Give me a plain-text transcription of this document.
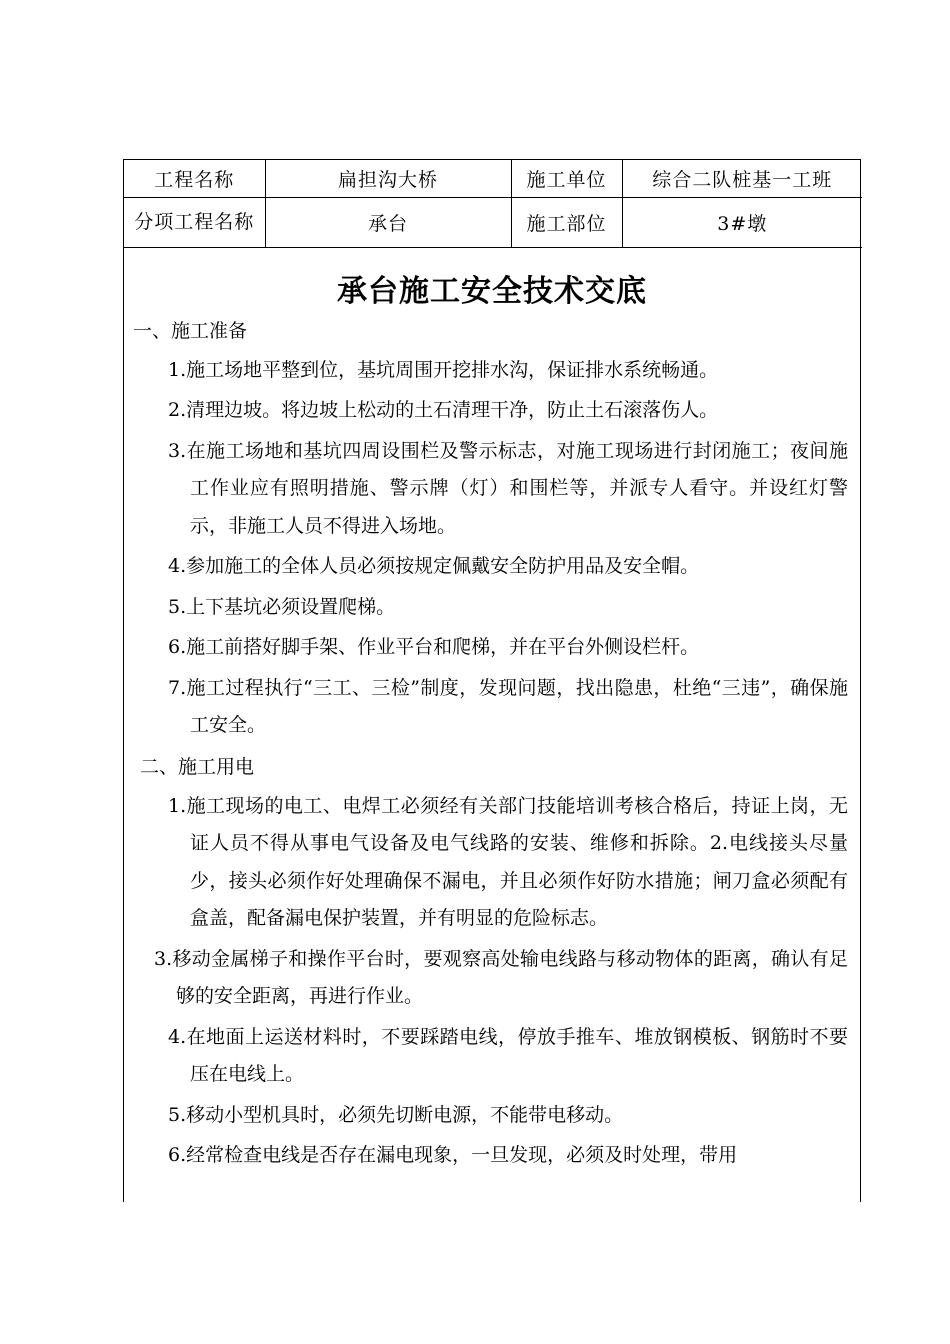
工程名称	扁担沟大桥	施工单位	综合二队桩基一工班
分项工程名称	承台	施工部位	3#墩
承台施工安全技术交底
一、施工准备
1.施工场地平整到位，基坑周围开挖排水沟，保证排水系统畅通。
2.清理边坡。将边坡上松动的土石清理干净，防止土石滚落伤人。
3.在施工场地和基坑四周设围栏及警示标志，对施工现场进行封闭施工；夜间施工作业应有照明措施、警示牌（灯）和围栏等，并派专人看守。并设红灯警示，非施工人员不得进入场地。
4.参加施工的全体人员必须按规定佩戴安全防护用品及安全帽。
5.上下基坑必须设置爬梯。
6.施工前搭好脚手架、作业平台和爬梯，并在平台外侧设栏杆。
7.施工过程执行“三工、三检”制度，发现问题，找出隐患，杜绝“三违”，确保施工安全。
二、施工用电
1.施工现场的电工、电焊工必须经有关部门技能培训考核合格后，持证上岗，无证人员不得从事电气设备及电气线路的安装、维修和拆除。2.电线接头尽量少，接头必须作好处理确保不漏电，并且必须作好防水措施；闸刀盒必须配有盒盖，配备漏电保护装置，并有明显的危险标志。
3.移动金属梯子和操作平台时，要观察高处输电线路与移动物体的距离，确认有足够的安全距离，再进行作业。
4.在地面上运送材料时，不要踩踏电线，停放手推车、堆放钢模板、钢筋时不要压在电线上。
5.移动小型机具时，必须先切断电源，不能带电移动。
6.经常检查电线是否存在漏电现象，一旦发现，必须及时处理，带用
